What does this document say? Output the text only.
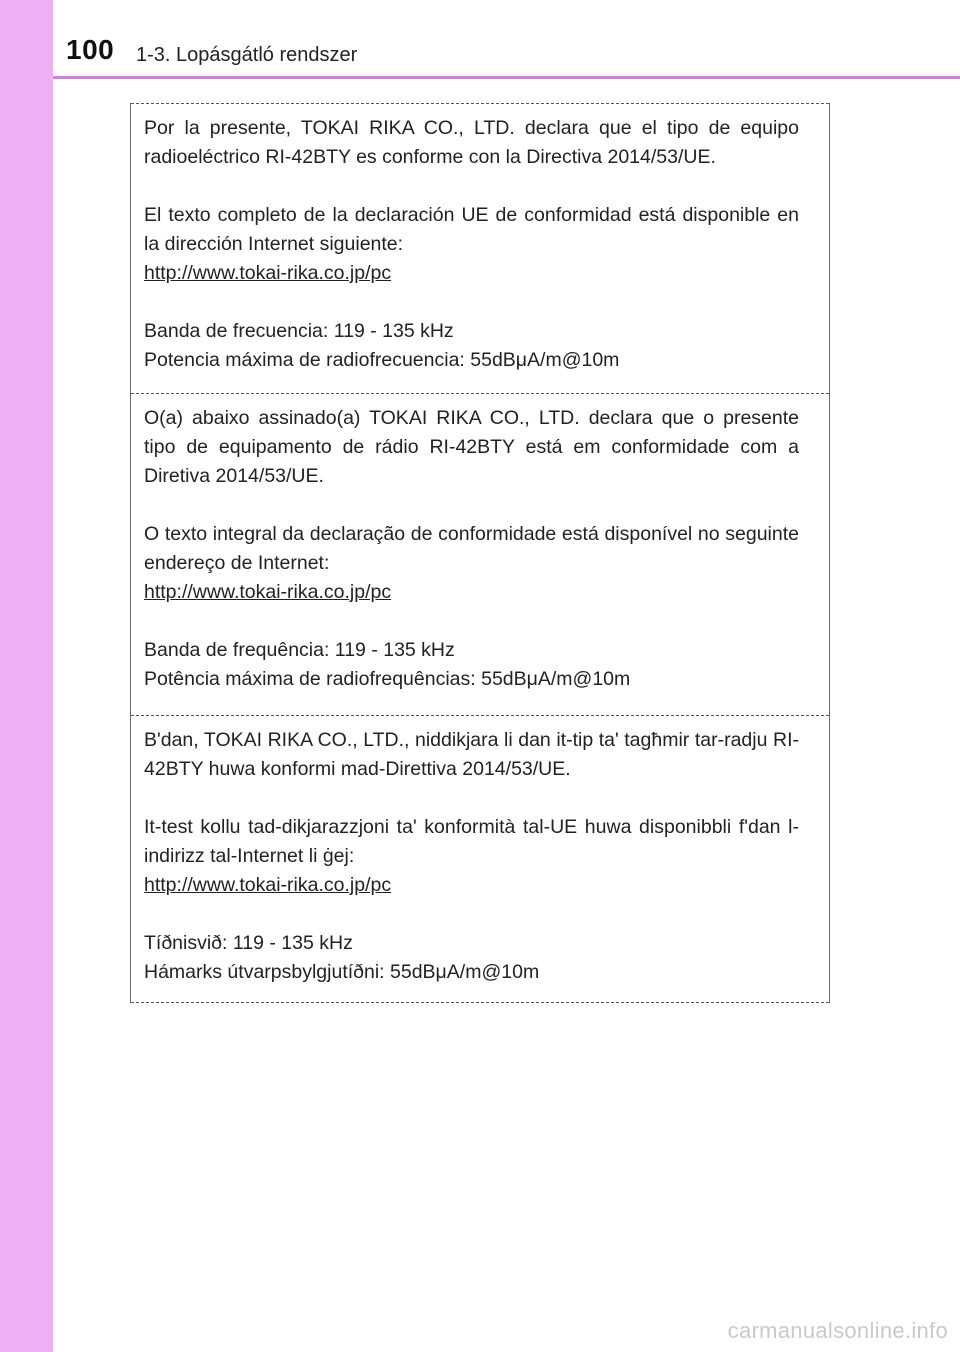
100 1-3. Lopásgátló rendszer

Por la presente, TOKAI RIKA CO., LTD. declara que el tipo de equipo radioeléctrico RI-42BTY es conforme con la Directiva 2014/53/UE.

El texto completo de la declaración UE de conformidad está disponible en la dirección Internet siguiente:

http://www.tokai-rika.co.jp/pc

Banda de frecuencia: 119 - 135 kHz

Potencia máxima de radiofrecuencia: 55dBμA/m@10m

O(a) abaixo assinado(a) TOKAI RIKA CO., LTD. declara que o presente tipo de equipamento de rádio RI-42BTY está em conformidade com a Diretiva 2014/53/UE.

O texto integral da declaração de conformidade está disponível no seguinte endereço de Internet:

http://www.tokai-rika.co.jp/pc

Banda de frequência: 119 - 135 kHz

Potência máxima de radiofrequências: 55dBμA/m@10m

B'dan, TOKAI RIKA CO., LTD., niddikjara li dan it-tip ta' tagħmir tar-radju RI-42BTY huwa konformi mad-Direttiva 2014/53/UE.

It-test kollu tad-dikjarazzjoni ta' konformità tal-UE huwa disponibbli f'dan l-indirizz tal-Internet li ġej:

http://www.tokai-rika.co.jp/pc

Tíðnisvið: 119 - 135 kHz

Hámarks útvarpsbylgjutíðni: 55dBμA/m@10m

carmanualsonline.info
